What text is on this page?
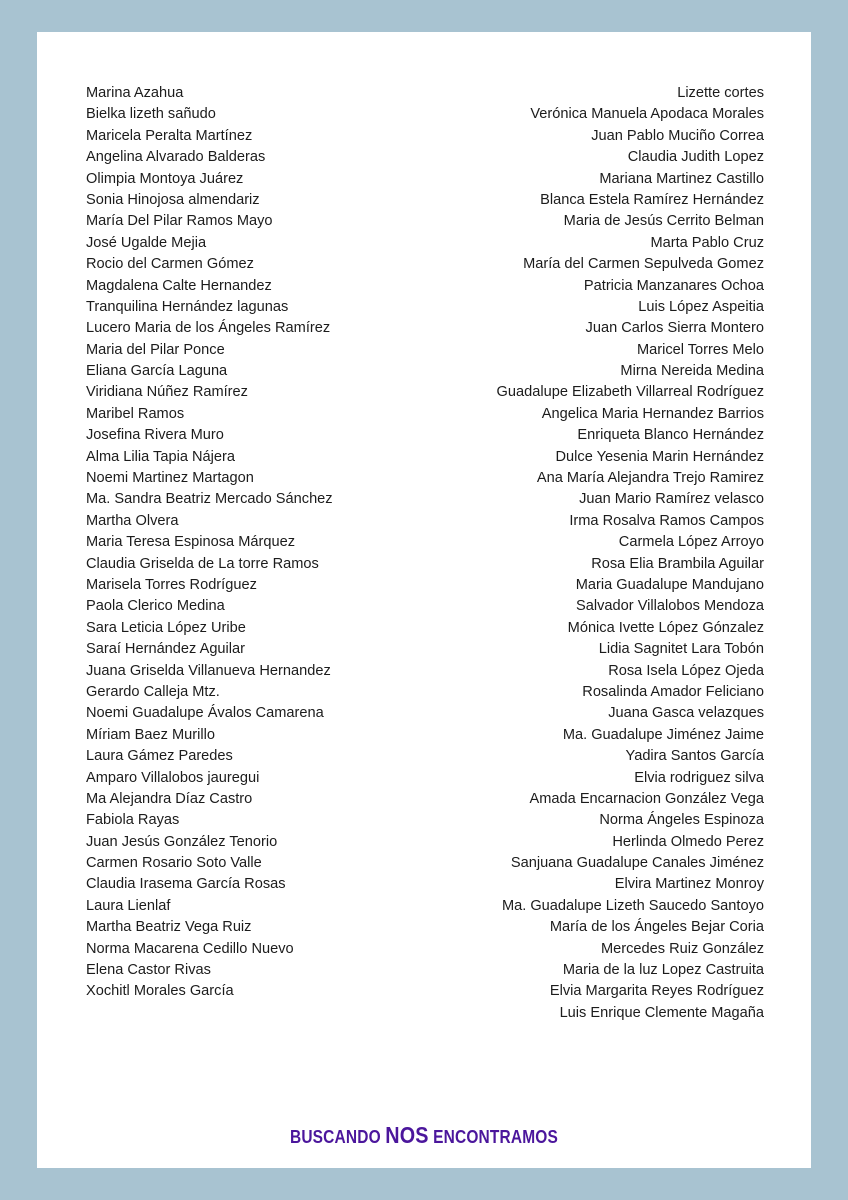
Marina Azahua
Bielka lizeth sañudo
Maricela Peralta Martínez
Angelina Alvarado Balderas
Olimpia Montoya Juárez
Sonia Hinojosa almendariz
María Del Pilar Ramos Mayo
José Ugalde Mejia
Rocio del Carmen Gómez
Magdalena Calte Hernandez
Tranquilina Hernández lagunas
Lucero Maria de los Ángeles Ramírez
Maria del Pilar Ponce
Eliana García Laguna
Viridiana Núñez Ramírez
Maribel Ramos
Josefina Rivera Muro
Alma Lilia Tapia Nájera
Noemi Martinez Martagon
Ma. Sandra Beatriz Mercado Sánchez
Martha Olvera
Maria Teresa Espinosa Márquez
Claudia Griselda de La torre Ramos
Marisela Torres Rodríguez
Paola Clerico Medina
Sara Leticia López Uribe
Saraí Hernández Aguilar
Juana Griselda Villanueva Hernandez
Gerardo Calleja Mtz.
Noemi Guadalupe Ávalos Camarena
Míriam Baez Murillo
Laura Gámez Paredes
Amparo Villalobos jauregui
Ma Alejandra Díaz Castro
Fabiola Rayas
Juan Jesús González Tenorio
Carmen Rosario Soto Valle
Claudia Irasema García Rosas
Laura Lienlaf
Martha Beatriz Vega Ruiz
Norma Macarena Cedillo Nuevo
Elena Castor Rivas
Xochitl Morales García
Lizette cortes
Verónica Manuela Apodaca Morales
Juan Pablo Muciño Correa
Claudia Judith Lopez
Mariana Martinez Castillo
Blanca Estela Ramírez Hernández
Maria de Jesús Cerrito Belman
Marta Pablo Cruz
María del Carmen Sepulveda Gomez
Patricia Manzanares Ochoa
Luis López Aspeitia
Juan Carlos Sierra Montero
Maricel Torres Melo
Mirna Nereida Medina
Guadalupe Elizabeth Villarreal Rodríguez
Angelica Maria Hernandez Barrios
Enriqueta Blanco Hernández
Dulce Yesenia Marin Hernández
Ana María Alejandra Trejo Ramirez
Juan Mario Ramírez velasco
Irma Rosalva Ramos Campos
Carmela López Arroyo
Rosa Elia Brambila Aguilar
Maria Guadalupe Mandujano
Salvador Villalobos Mendoza
Mónica Ivette López Gónzalez
Lidia Sagnitet Lara Tobón
Rosa Isela López Ojeda
Rosalinda Amador Feliciano
Juana Gasca velazques
Ma. Guadalupe Jiménez Jaime
Yadira Santos García
Elvia rodriguez silva
Amada Encarnacion González Vega
Norma Ángeles Espinoza
Herlinda Olmedo Perez
Sanjuana Guadalupe Canales Jiménez
Elvira Martinez Monroy
Ma. Guadalupe Lizeth Saucedo Santoyo
María de los Ángeles Bejar Coria
Mercedes Ruiz González
Maria de la luz Lopez Castruita
Elvia Margarita Reyes Rodríguez
Luis Enrique Clemente Magaña
BUSCANDO NOS ENCONTRAMOS
